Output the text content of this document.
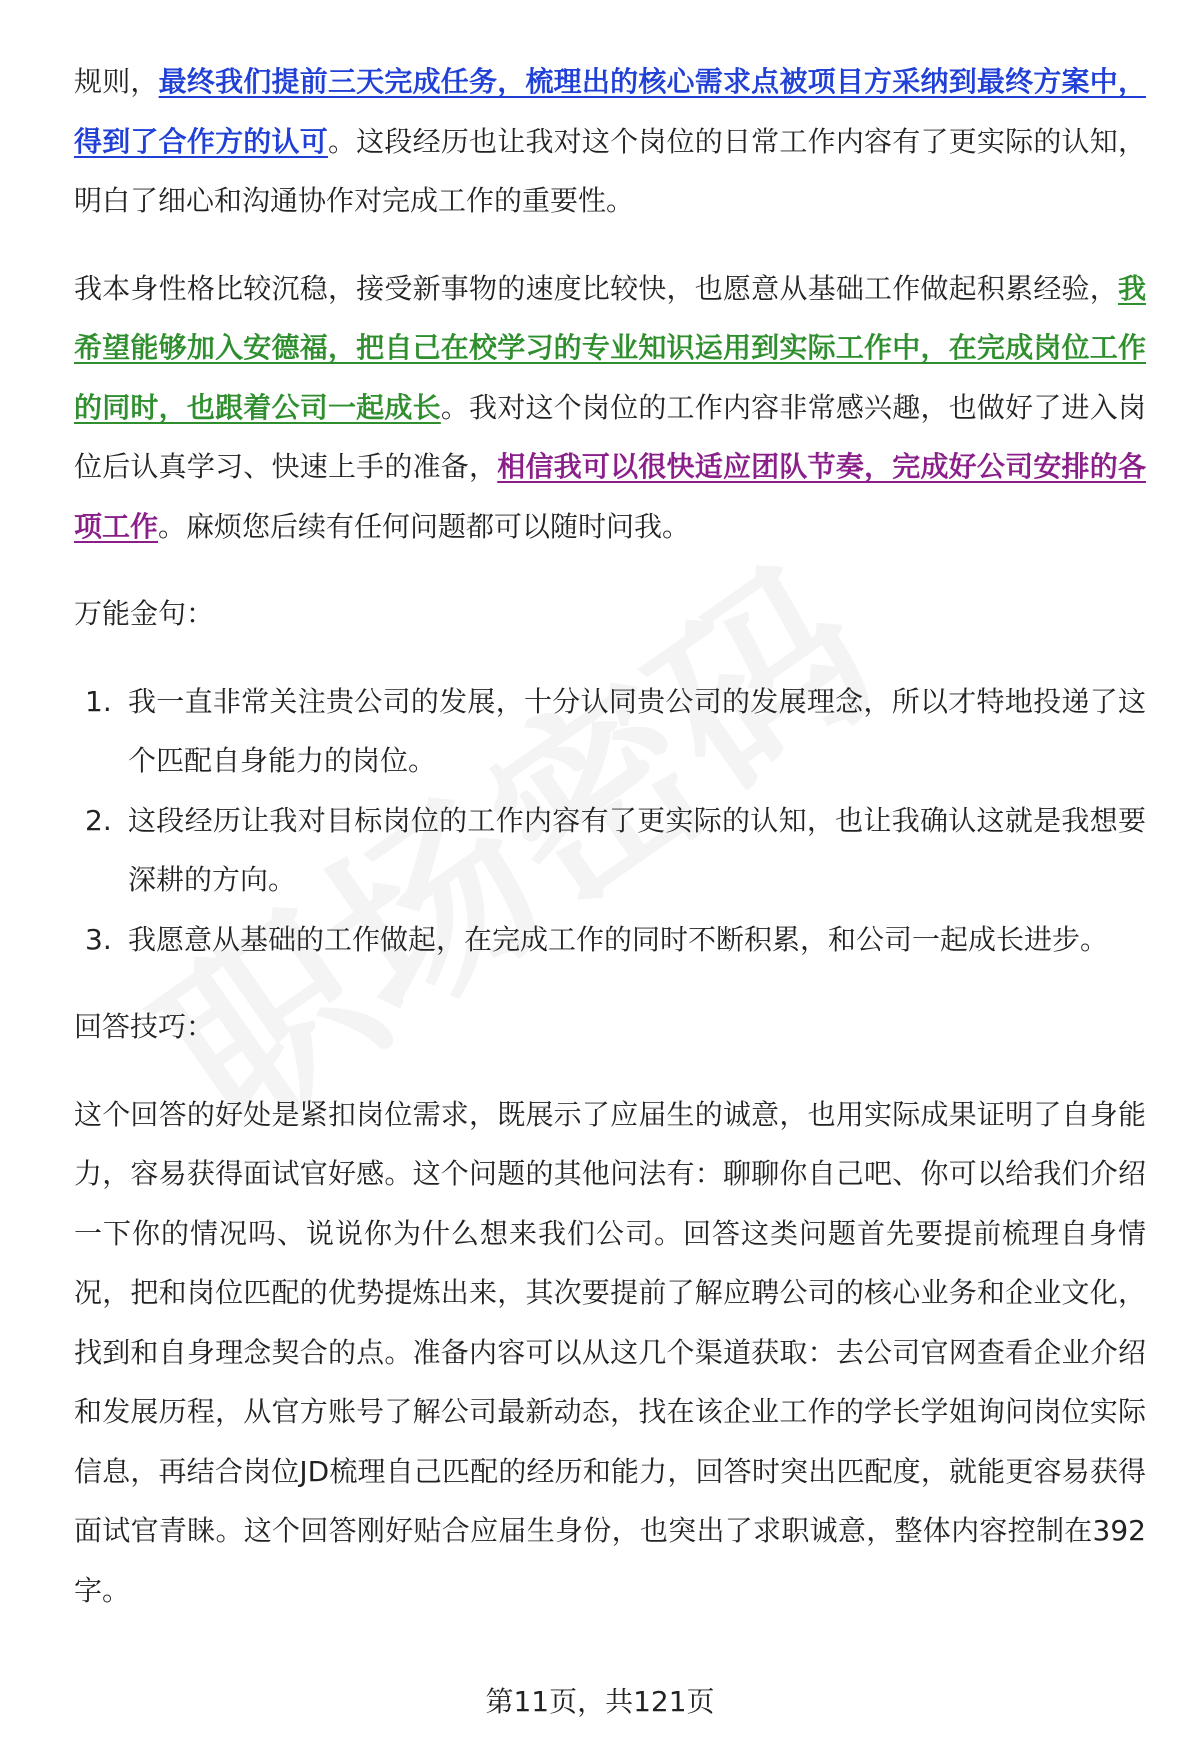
规则，最终我们提前三天完成任务，梳理出的核心需求点被项目方采纳到最终方案中，得到了合作方的认可。这段经历也让我对这个岗位的日常工作内容有了更实际的认知，明白了细心和沟通协作对完成工作的重要性。

我本身性格比较沉稳，接受新事物的速度比较快，也愿意从基础工作做起积累经验，我希望能够加入安德福，把自己在校学习的专业知识运用到实际工作中，在完成岗位工作的同时，也跟着公司一起成长。我对这个岗位的工作内容非常感兴趣，也做好了进入岗位后认真学习、快速上手的准备，相信我可以很快适应团队节奏，完成好公司安排的各项工作。麻烦您后续有任何问题都可以随时问我。

万能金句：

1. 我一直非常关注贵公司的发展，十分认同贵公司的发展理念，所以才特地投递了这个匹配自身能力的岗位。
2. 这段经历让我对目标岗位的工作内容有了更实际的认知，也让我确认这就是我想要深耕的方向。
3. 我愿意从基础的工作做起，在完成工作的同时不断积累，和公司一起成长进步。

回答技巧：

这个回答的好处是紧扣岗位需求，既展示了应届生的诚意，也用实际成果证明了自身能力，容易获得面试官好感。这个问题的其他问法有：聊聊你自己吧、你可以给我们介绍一下你的情况吗、说说你为什么想来我们公司。回答这类问题首先要提前梳理自身情况，把和岗位匹配的优势提炼出来，其次要提前了解应聘公司的核心业务和企业文化，找到和自身理念契合的点。准备内容可以从这几个渠道获取：去公司官网查看企业介绍和发展历程，从官方账号了解公司最新动态，找在该企业工作的学长学姐询问岗位实际信息，再结合岗位JD梳理自己匹配的经历和能力，回答时突出匹配度，就能更容易获得面试官青睐。这个回答刚好贴合应届生身份，也突出了求职诚意，整体内容控制在392字。

第11页，共121页
